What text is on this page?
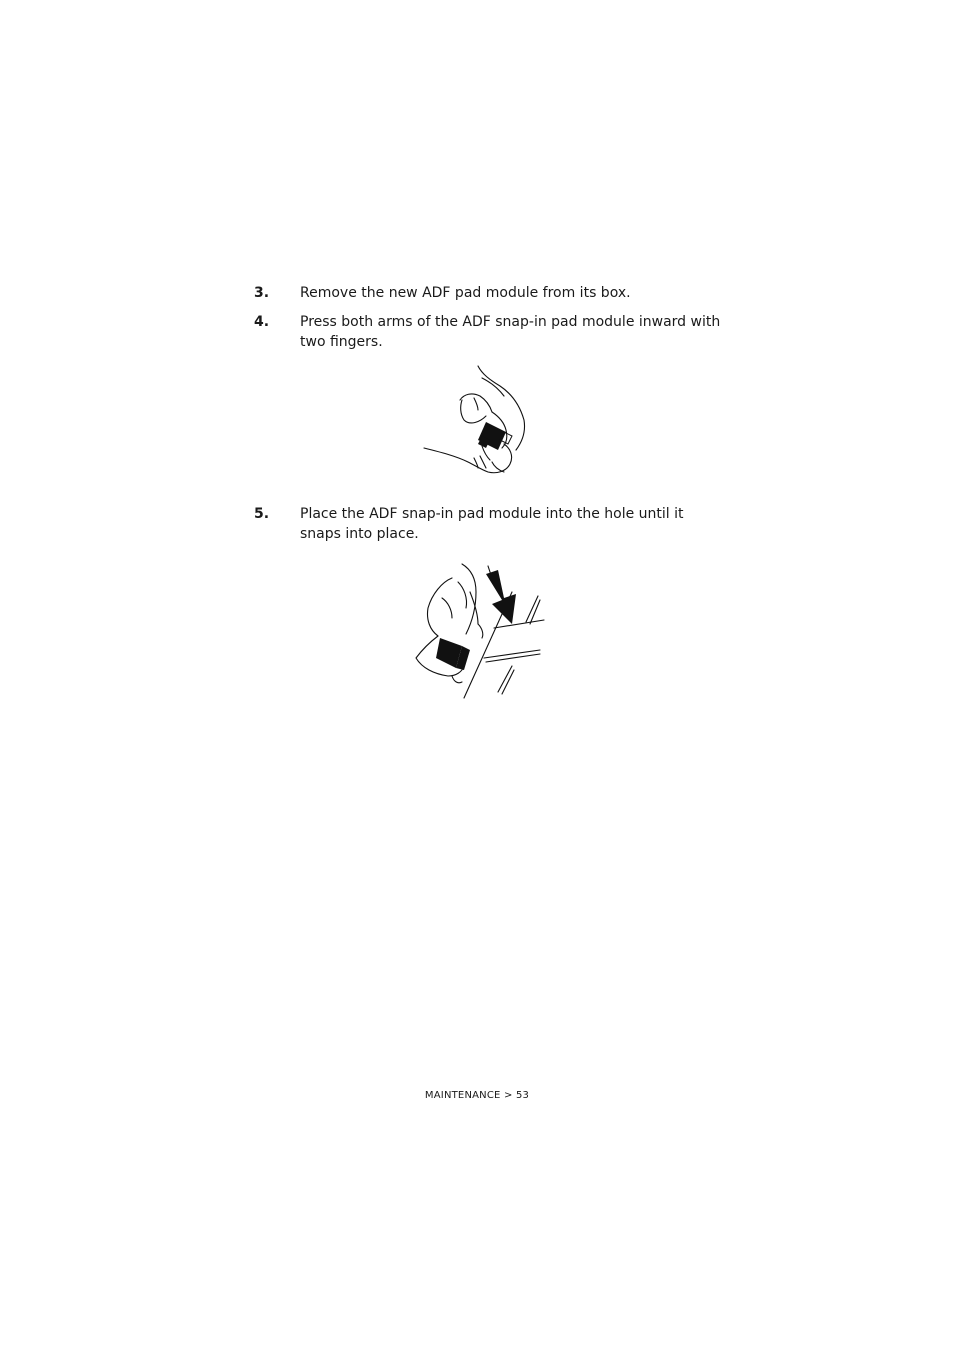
3. Remove the new ADF pad module from its box.
4. Press both arms of the ADF snap-in pad module inward with two fingers.
5. Place the ADF snap-in pad module into the hole until it snaps into place.
MAINTENANCE > 53
